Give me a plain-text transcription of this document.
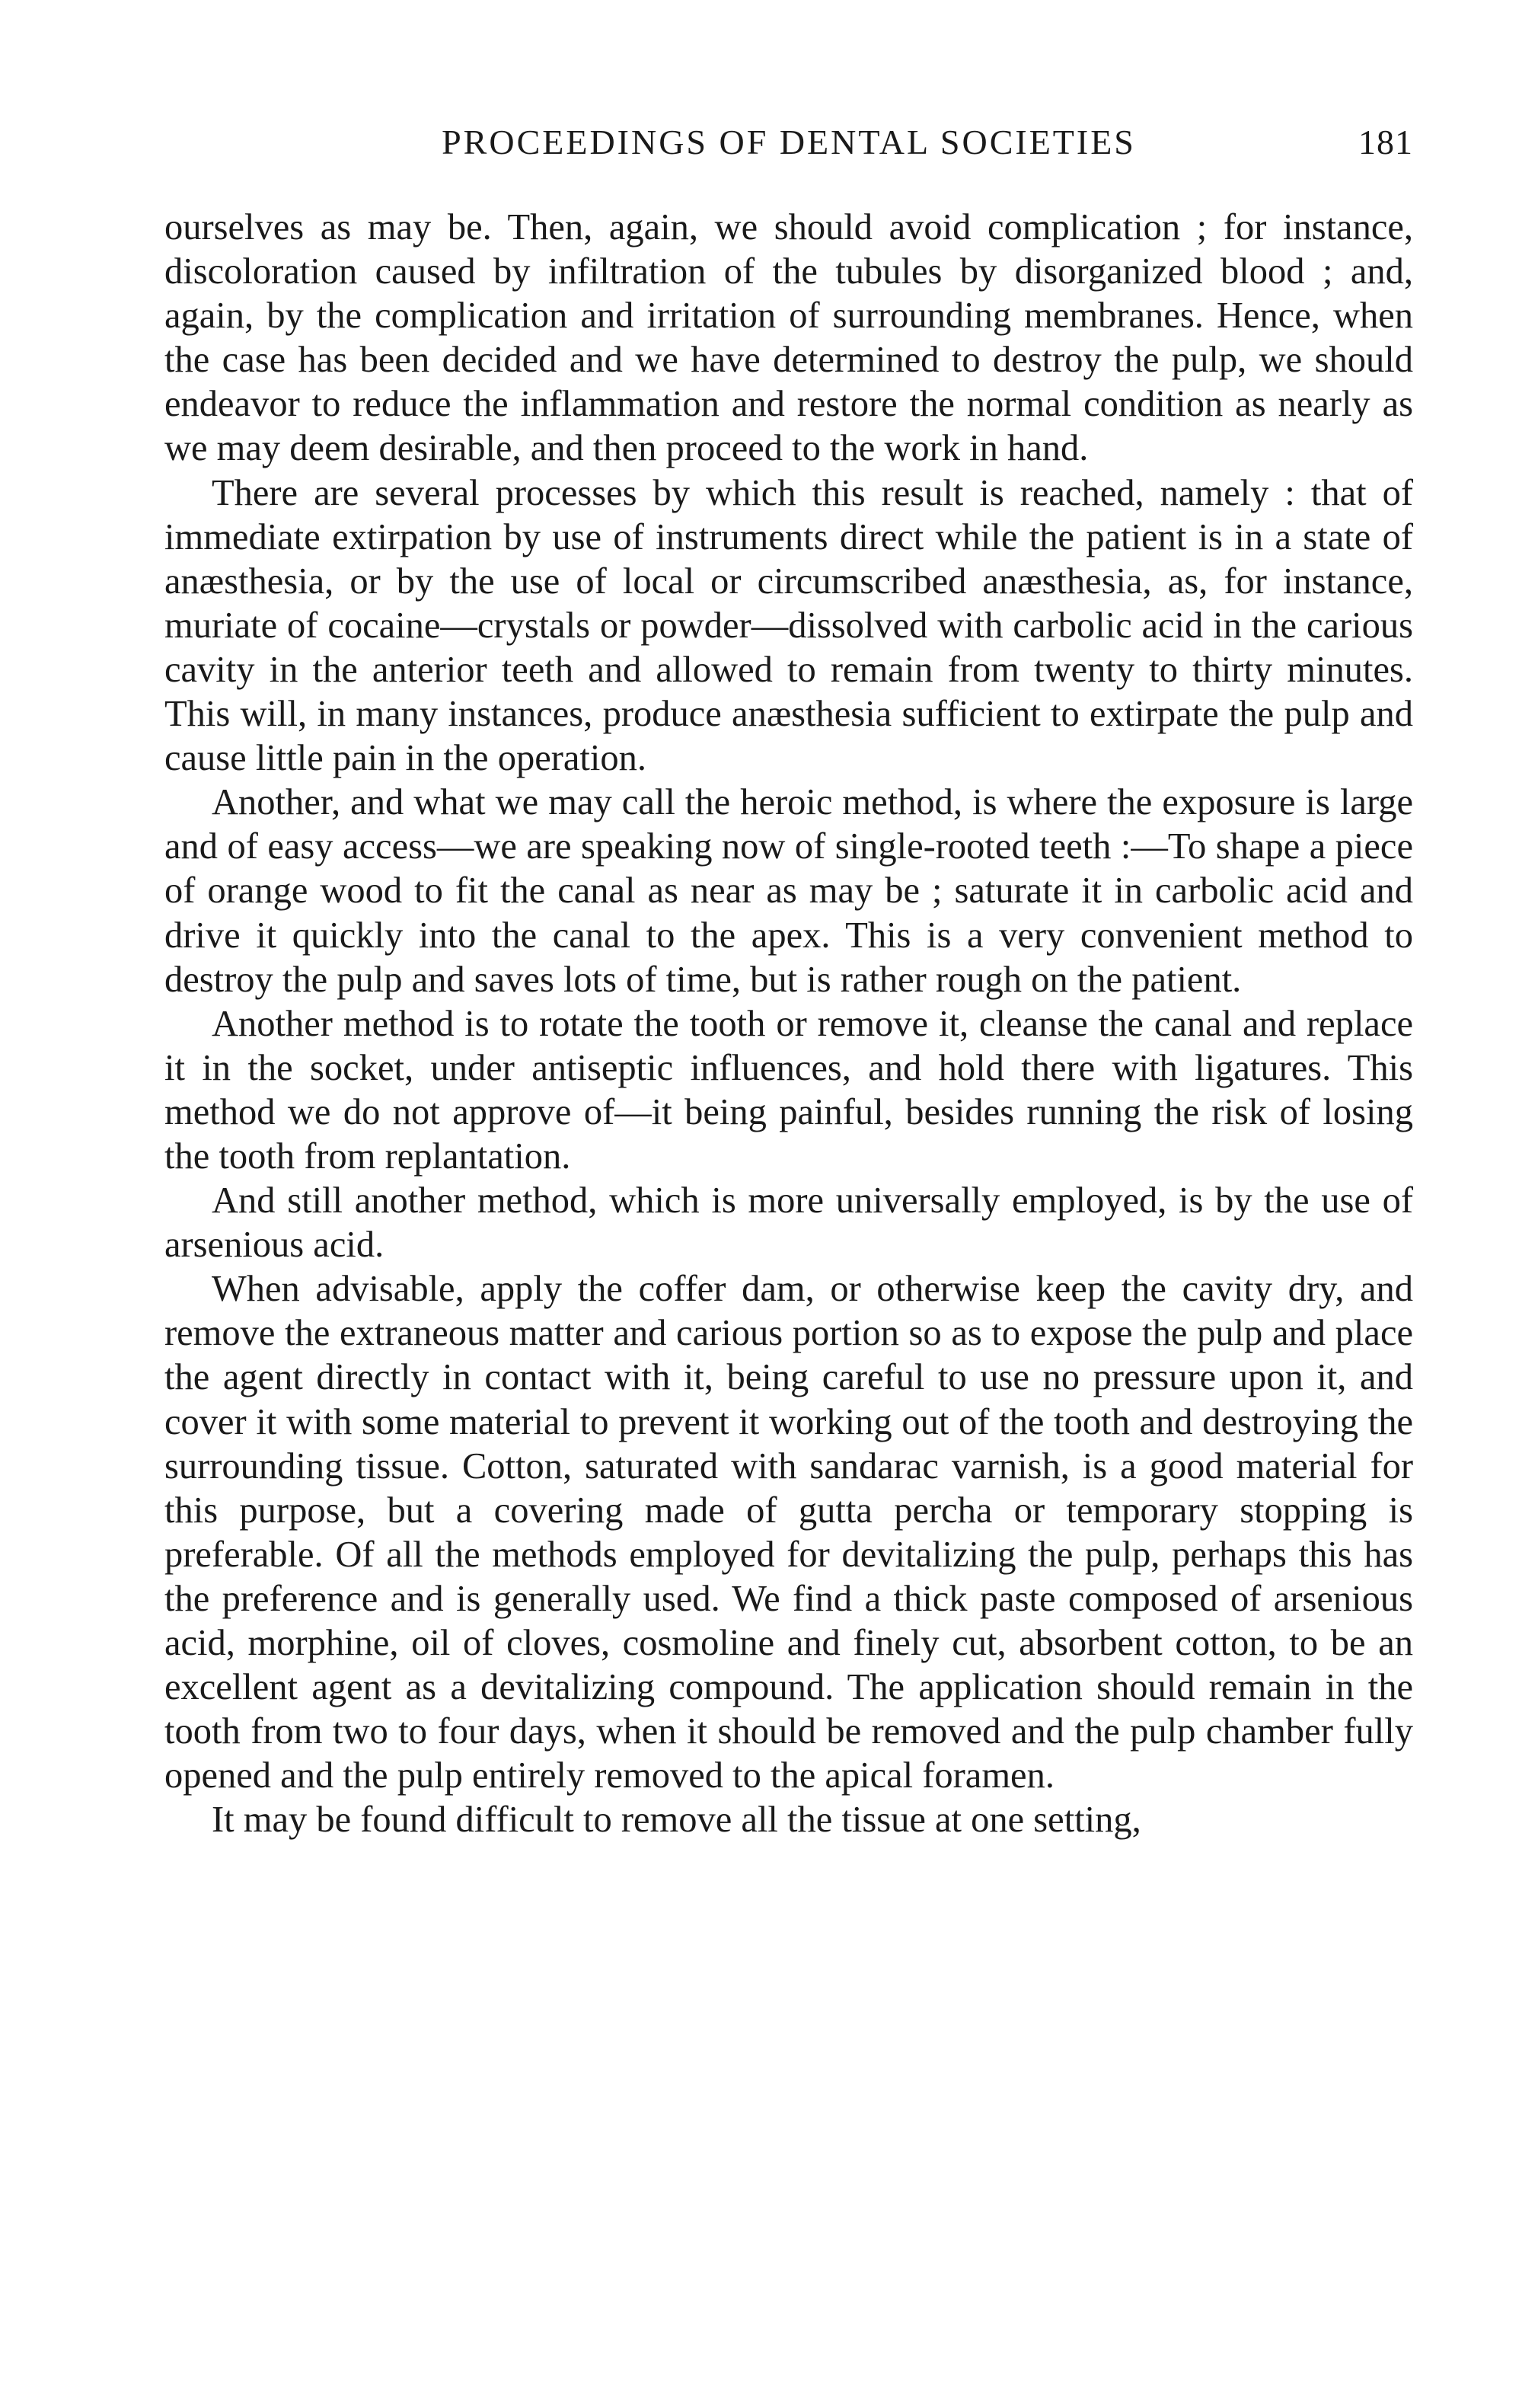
PROCEEDINGS OF DENTAL SOCIETIES	181

ourselves as may be. Then, again, we should avoid complication ; for instance, discoloration caused by infiltration of the tubules by disorganized blood ; and, again, by the complication and irritation of surrounding membranes. Hence, when the case has been decided and we have determined to destroy the pulp, we should endeavor to reduce the inflammation and restore the normal condition as nearly as we may deem desirable, and then proceed to the work in hand.

There are several processes by which this result is reached, namely : that of immediate extirpation by use of instruments direct while the patient is in a state of anæsthesia, or by the use of local or circumscribed anæsthesia, as, for instance, muriate of cocaine—crystals or powder—dissolved with carbolic acid in the carious cavity in the anterior teeth and allowed to remain from twenty to thirty minutes. This will, in many instances, produce anæsthesia sufficient to extirpate the pulp and cause little pain in the operation.

Another, and what we may call the heroic method, is where the exposure is large and of easy access—we are speaking now of single-rooted teeth :—To shape a piece of orange wood to fit the canal as near as may be ; saturate it in carbolic acid and drive it quickly into the canal to the apex. This is a very convenient method to destroy the pulp and saves lots of time, but is rather rough on the patient.

Another method is to rotate the tooth or remove it, cleanse the canal and replace it in the socket, under antiseptic influences, and hold there with ligatures. This method we do not approve of—it being painful, besides running the risk of losing the tooth from replantation.

And still another method, which is more universally employed, is by the use of arsenious acid.

When advisable, apply the coffer dam, or otherwise keep the cavity dry, and remove the extraneous matter and carious portion so as to expose the pulp and place the agent directly in contact with it, being careful to use no pressure upon it, and cover it with some material to prevent it working out of the tooth and destroying the surrounding tissue. Cotton, saturated with sandarac varnish, is a good material for this purpose, but a covering made of gutta percha or temporary stopping is preferable. Of all the methods employed for devitalizing the pulp, perhaps this has the preference and is generally used. We find a thick paste composed of arsenious acid, morphine, oil of cloves, cosmoline and finely cut, absorbent cotton, to be an excellent agent as a devitalizing compound. The application should remain in the tooth from two to four days, when it should be removed and the pulp chamber fully opened and the pulp entirely removed to the apical foramen.

It may be found difficult to remove all the tissue at one setting,
